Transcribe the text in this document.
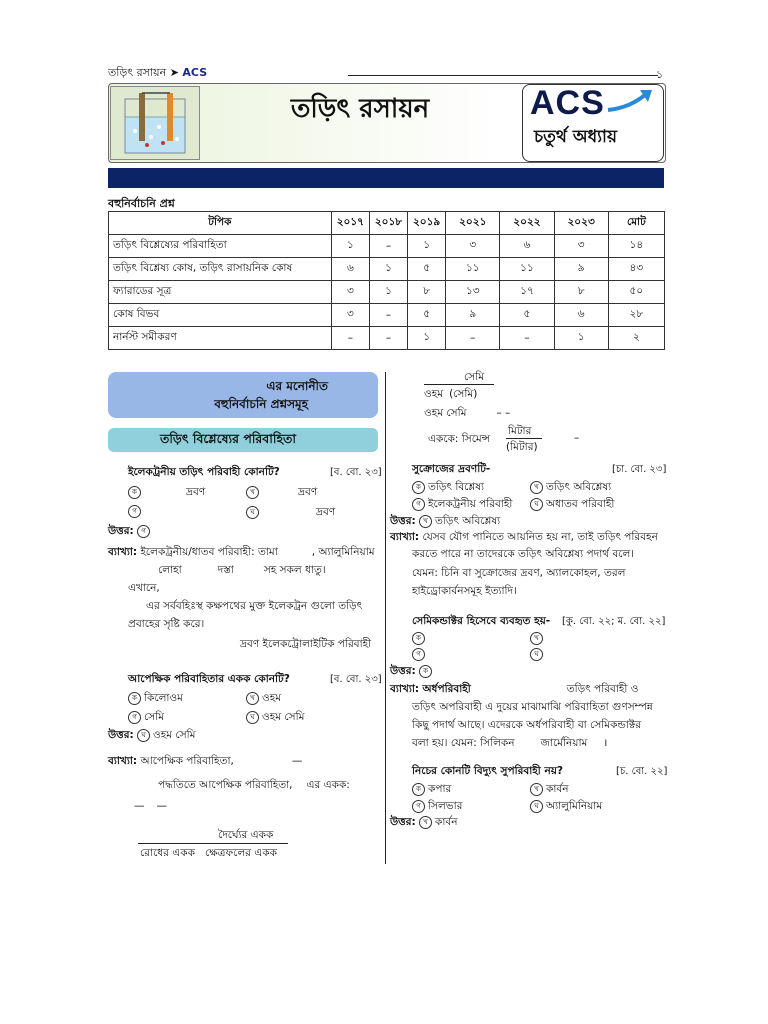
তড়িৎ রসায়ন ➤ ACS	১
তড়িৎ রসায়ন	ACS
চতুর্থ অধ্যায়
বহুনির্বাচনি প্রশ্ন
টপিক	২০১৭	২০১৮	২০১৯	২০২১	২০২২	২০২৩	মোট
তড়িৎ বিশ্লেষ্যের পরিবাহিতা	১	–	১	৩	৬	৩	১৪
তড়িৎ বিশ্লেষ্য কোষ, তড়িৎ রাসায়নিক কোষ	৬	১	৫	১১	১১	৯	৪৩
ফ্যারাডের সূত্র	৩	১	৮	১৩	১৭	৮	৫০
কোষ বিভব	৩	–	৫	৯	৫	৬	২৮
নার্নস্ট সমীকরণ	–	–	১	–	–	১	২
এর মনোনীত
বহুনির্বাচনি প্রশ্নসমূহ
তড়িৎ বিশ্লেষ্যের পরিবাহিতা
ইলেকট্রনীয় তড়িৎ পরিবাহী কোনটি?	[ব. বো. ২৩]
ক	দ্রবণ	খ	দ্রবণ
গ	ঘ	দ্রবণ
উত্তর: গ
ব্যাখ্যা: ইলেকট্রনীয়/ধাতব পরিবাহী: তামা	, অ্যালুমিনিয়াম
লোহা	দস্তা	সহ সকল ধাতু।
এখানে,
এর সর্ববহিঃস্থ কক্ষপথের মুক্ত ইলেকট্রন গুলো তড়িৎ
প্রবাহের সৃষ্টি করে।
দ্রবণ ইলেকট্রোলাইটিক পরিবাহী
আপেক্ষিক পরিবাহিতার একক কোনটি?	[ব. বো. ২৩]
ক কিলোওম	খ ওহম
গ সেমি	ঘ ওহম সেমি
উত্তর: ঘ ওহম সেমি
ব্যাখ্যা: আপেক্ষিক পরিবাহিতা,	—
পদ্ধতিতে আপেক্ষিক পরিবাহিতা, এর একক:
— —
দৈর্ঘ্যের একক
রোধের একক ক্ষেত্রফলের একক
সেমি
ওহম (সেমি)
ওহম সেমি	– –
মিটার
এককে: সিমেন্স
(মিটার)
–
সুক্রোজের দ্রবণটি-	[চা. বো. ২৩]
ক তড়িৎ বিশ্লেষ্য	খ তড়িৎ অবিশ্লেষ্য
গ ইলেকট্রনীয় পরিবাহী	ঘ অধাতব পরিবাহী
উত্তর: খ তড়িৎ অবিশ্লেষ্য
ব্যাখ্যা: যেসব যৌগ পানিতে আয়নিত হয় না, তাই তড়িৎ পরিবহন
করতে পারে না তাদেরকে তড়িৎ অবিশ্লেষ্য পদার্থ বলে।
যেমন: চিনি বা সুক্রোজের দ্রবণ, অ্যালকোহল, তরল
হাইড্রোকার্বনসমূহ ইত্যাদি।
সেমিকন্ডাক্টর হিসেবে ব্যবহৃত হয়- [কু. বো. ২২; ম. বো. ২২]
ক	খ
গ	ঘ
উত্তর: ক
ব্যাখ্যা: অর্ধপরিবাহী	তড়িৎ পরিবাহী ও
তড়িৎ অপরিবাহী এ দুয়ের মাঝামাঝি পরিবাহিতা গুণসম্পন্ন
কিছু পদার্থ আছে। এদেরকে অর্ধপরিবাহী বা সেমিকন্ডাক্টর
বলা হয়। যেমন: সিলিকন জার্মেনিয়াম ।
নিচের কোনটি বিদ্যুৎ সুপরিবাহী নয়?	[চ. বো. ২২]
ক কপার	খ কার্বন
গ সিলভার	ঘ অ্যালুমিনিয়াম
উত্তর: খ কার্বন
